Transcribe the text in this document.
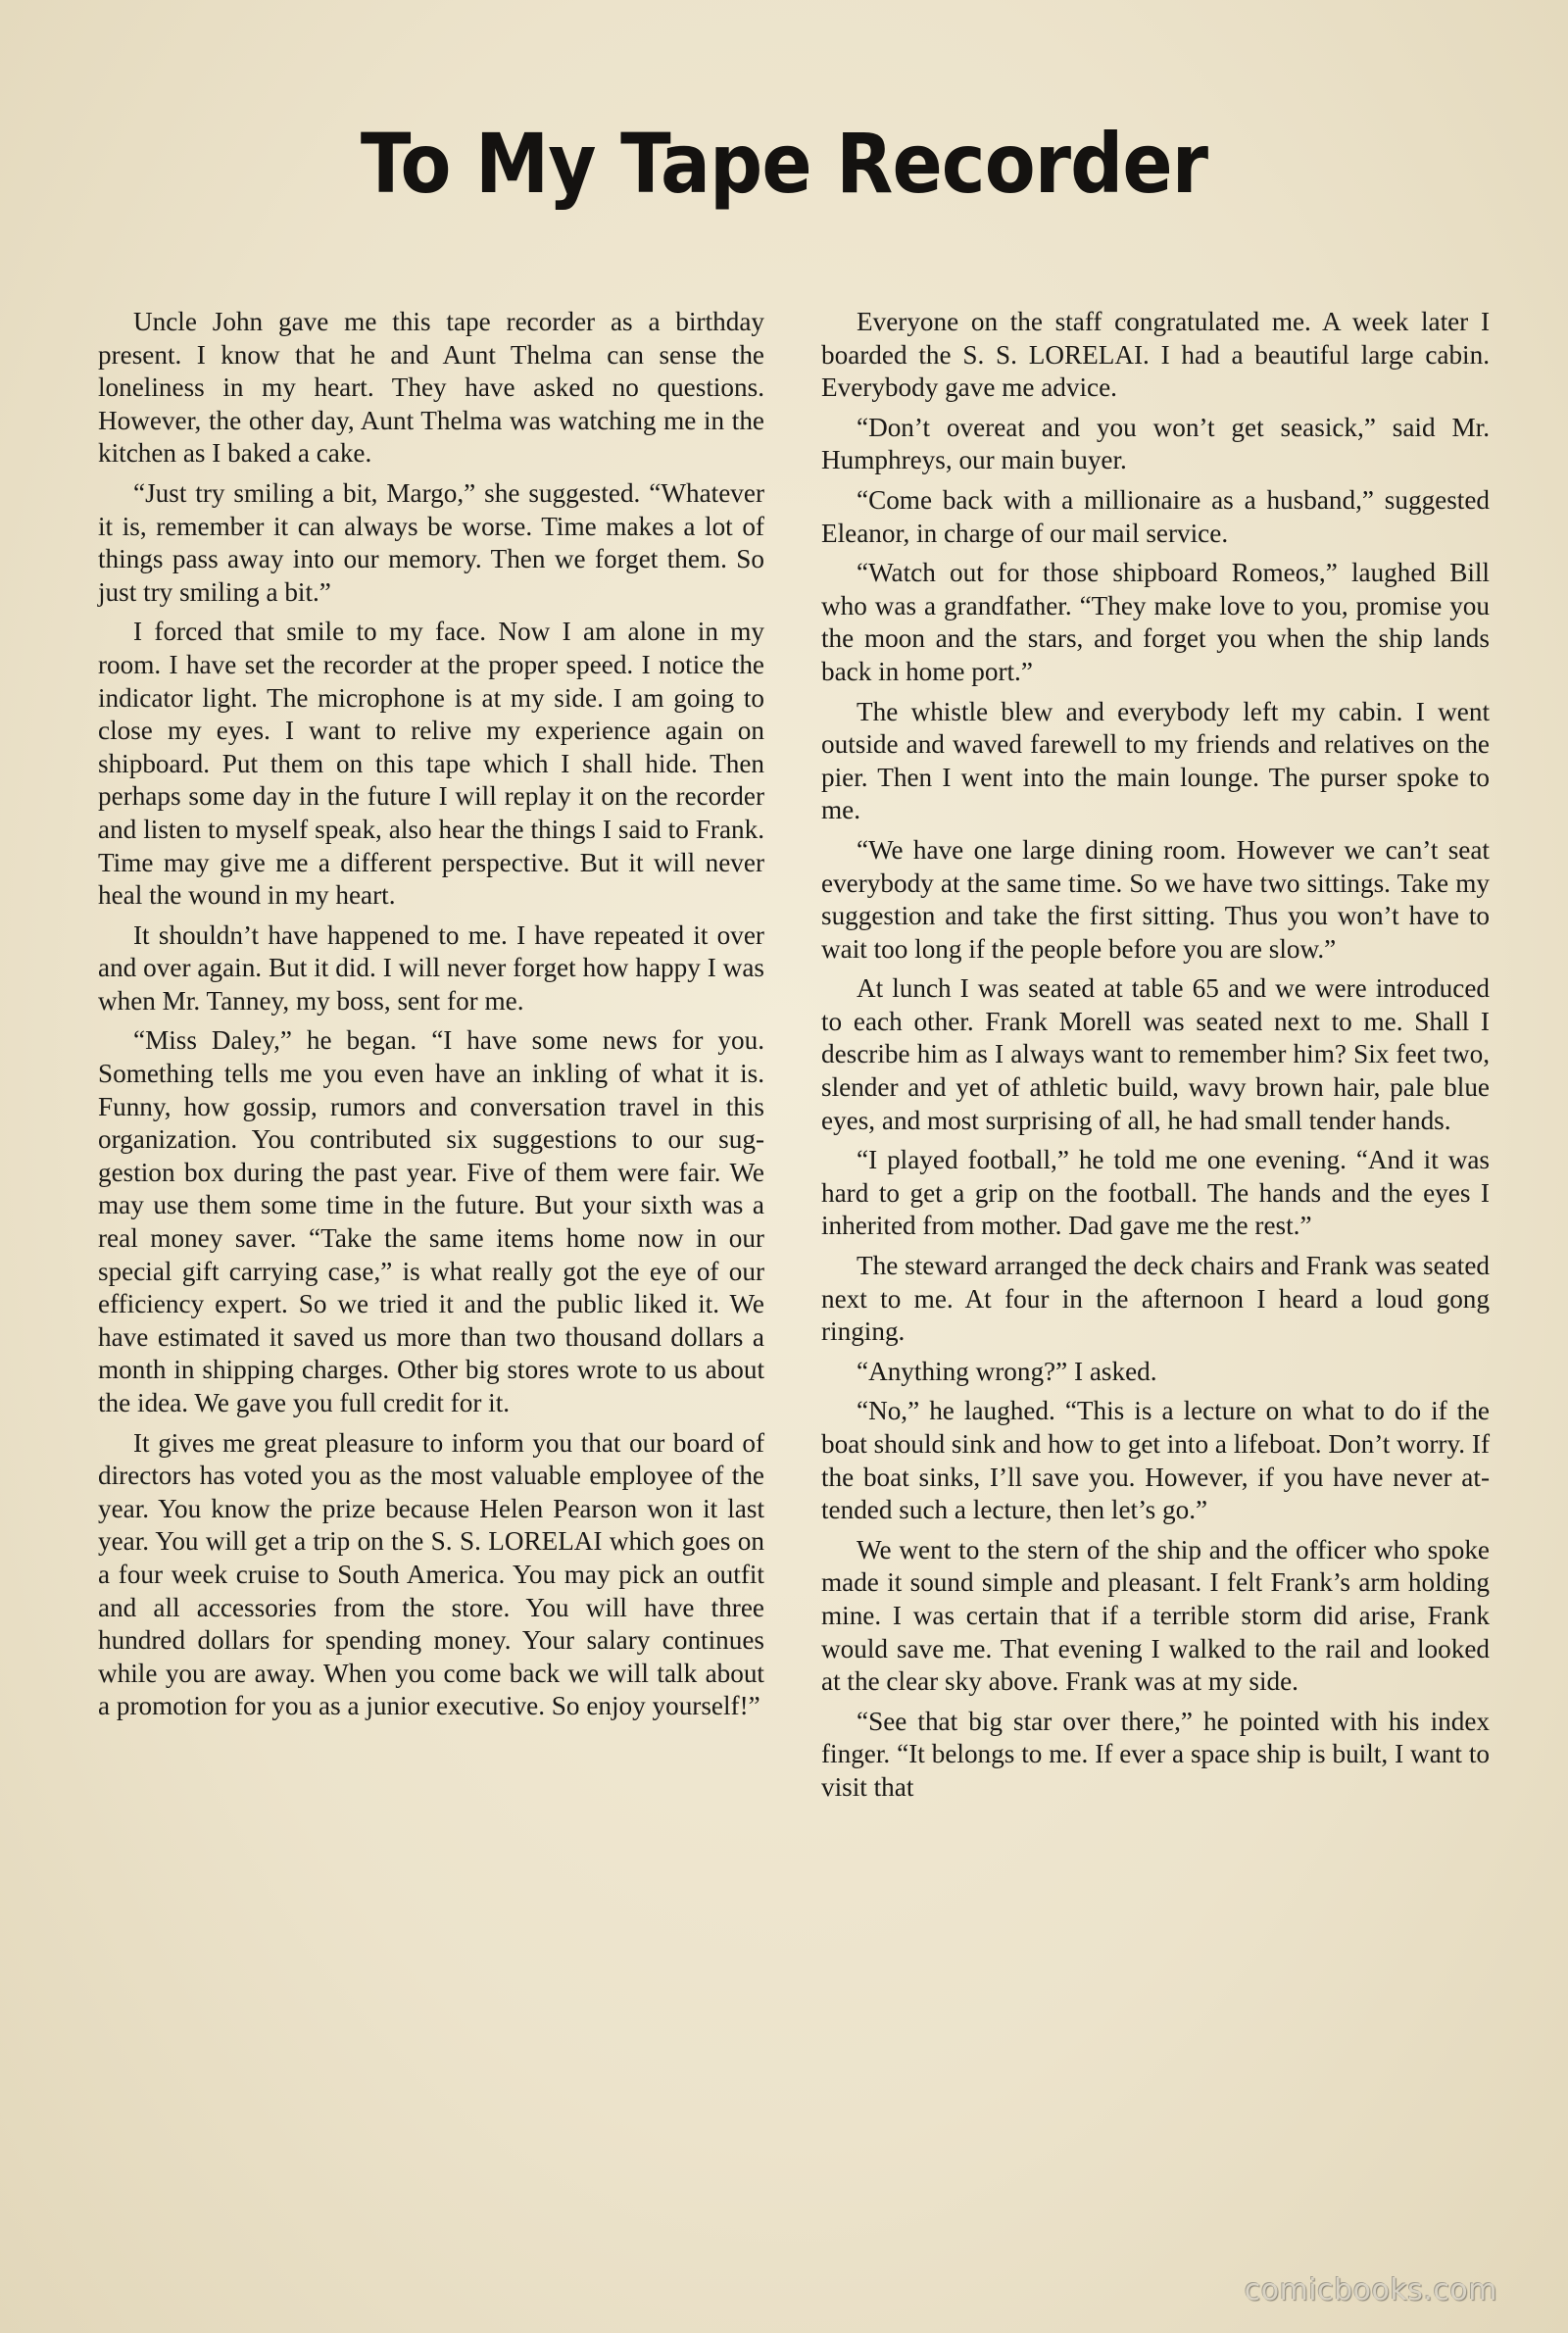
To My Tape Recorder

Uncle John gave me this tape recorder as a birthday present. I know that he and Aunt Thelma can sense the loneliness in my heart. They have asked no questions. However, the other day, Aunt Thelma was watching me in the kitchen as I baked a cake.

“Just try smiling a bit, Margo,” she suggested. “Whatever it is, remember it can always be worse. Time makes a lot of things pass away into our memory. Then we forget them. So just try smiling a bit.”

I forced that smile to my face. Now I am alone in my room. I have set the recorder at the proper speed. I notice the indicator light. The microphone is at my side. I am going to close my eyes. I want to relive my experience again on shipboard. Put them on this tape which I shall hide. Then perhaps some day in the future I will replay it on the recorder and listen to myself speak, also hear the things I said to Frank. Time may give me a different perspective. But it will never heal the wound in my heart.

It shouldn’t have happened to me. I have repeated it over and over again. But it did. I will never forget how happy I was when Mr. Tanney, my boss, sent for me.

“Miss Daley,” he began. “I have some news for you. Something tells me you even have an inkling of what it is. Funny, how gossip, rumors and conversation travel in this organization. You contributed six suggestions to our suggestion box during the past year. Five of them were fair. We may use them some time in the future. But your sixth was a real money saver. “Take the same items home now in our special gift carrying case,” is what really got the eye of our efficiency expert. So we tried it and the public liked it. We have estimated it saved us more than two thousand dollars a month in shipping charges. Other big stores wrote to us about the idea. We gave you full credit for it.

It gives me great pleasure to inform you that our board of directors has voted you as the most valuable employee of the year. You know the prize because Helen Pearson won it last year. You will get a trip on the S. S. LORELAI which goes on a four week cruise to South America. You may pick an outfit and all accessories from the store. You will have three hundred dollars for spending money. Your salary continues while you are away. When you come back we will talk about a promotion for you as a junior executive. So enjoy yourself!”

Everyone on the staff congratulated me. A week later I boarded the S. S. LORELAI. I had a beautiful large cabin. Everybody gave me advice.

“Don’t overeat and you won’t get seasick,” said Mr. Humphreys, our main buyer.

“Come back with a millionaire as a husband,” suggested Eleanor, in charge of our mail service.

“Watch out for those shipboard Romeos,” laughed Bill who was a grandfather. “They make love to you, promise you the moon and the stars, and forget you when the ship lands back in home port.”

The whistle blew and everybody left my cabin. I went outside and waved farewell to my friends and relatives on the pier. Then I went into the main lounge. The purser spoke to me.

“We have one large dining room. However we can’t seat everybody at the same time. So we have two sittings. Take my suggestion and take the first sitting. Thus you won’t have to wait too long if the people before you are slow.”

At lunch I was seated at table 65 and we were introduced to each other. Frank Morell was seated next to me. Shall I describe him as I always want to remember him? Six feet two, slender and yet of athletic build, wavy brown hair, pale blue eyes, and most surprising of all, he had small tender hands.

“I played football,” he told me one evening. “And it was hard to get a grip on the football. The hands and the eyes I inherited from mother. Dad gave me the rest.”

The steward arranged the deck chairs and Frank was seated next to me. At four in the afternoon I heard a loud gong ringing.

“Anything wrong?” I asked.

“No,” he laughed. “This is a lecture on what to do if the boat should sink and how to get into a lifeboat. Don’t worry. If the boat sinks, I’ll save you. However, if you have never attended such a lecture, then let’s go.”

We went to the stern of the ship and the officer who spoke made it sound simple and pleasant. I felt Frank’s arm holding mine. I was certain that if a terrible storm did arise, Frank would save me. That evening I walked to the rail and looked at the clear sky above. Frank was at my side.

“See that big star over there,” he pointed with his index finger. “It belongs to me. If ever a space ship is built, I want to visit that

comicbooks.com
